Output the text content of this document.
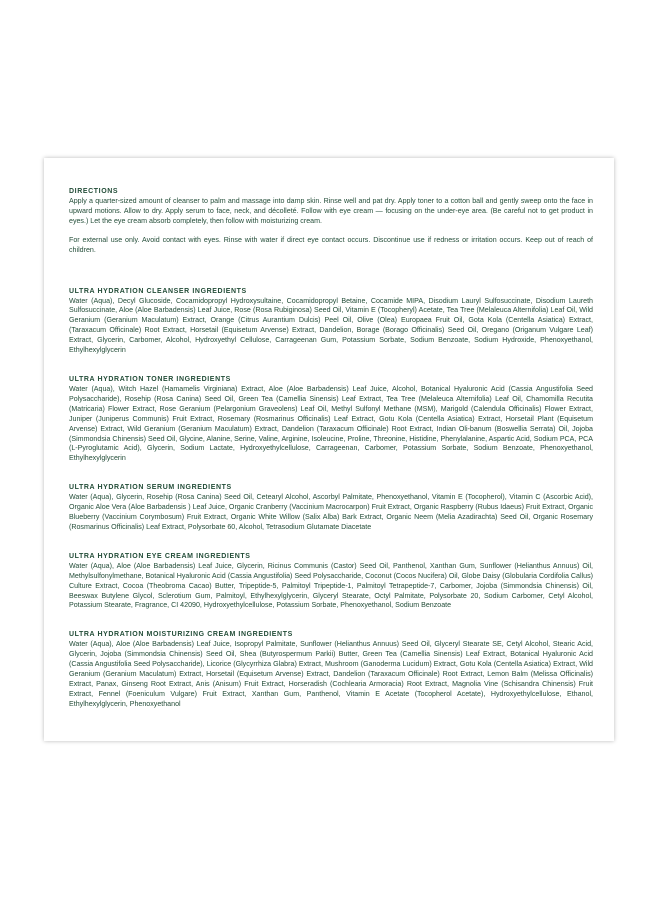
DIRECTIONS

Apply a quarter-sized amount of cleanser to palm and massage into damp skin. Rinse well and pat dry. Apply toner to a cotton ball and gently sweep onto the face in upward motions. Allow to dry. Apply serum to face, neck, and décolleté. Follow with eye cream — focusing on the under-eye area. (Be careful not to get product in eyes.) Let the eye cream absorb completely, then follow with moisturizing cream.

For external use only. Avoid contact with eyes. Rinse with water if direct eye contact occurs. Discontinue use if redness or irritation occurs. Keep out of reach of children.

ULTRA HYDRATION CLEANSER INGREDIENTS

Water (Aqua), Decyl Glucoside, Cocamidopropyl Hydroxysultaine, Cocamidopropyl Betaine, Cocamide MIPA, Disodium Lauryl Sulfosuccinate, Disodium Laureth Sulfosuccinate, Aloe (Aloe Barbadensis) Leaf Juice, Rose (Rosa Rubiginosa) Seed Oil, Vitamin E (Tocopheryl) Acetate, Tea Tree (Melaleuca Alternifolia) Leaf Oil, Wild Geranium (Geranium Maculatum) Extract, Orange (Citrus Aurantium Dulcis) Peel Oil, Olive (Olea) Europaea Fruit Oil, Gota Kola (Centella Asiatica) Extract, (Taraxacum Officinale) Root Extract, Horsetail (Equisetum Arvense) Extract, Dandelion, Borage (Borago Officinalis) Seed Oil, Oregano (Origanum Vulgare Leaf) Extract, Glycerin, Carbomer, Alcohol, Hydroxyethyl Cellulose, Carrageenan Gum, Potassium Sorbate, Sodium Benzoate, Sodium Hydroxide, Phenoxyethanol, Ethylhexylglycerin

ULTRA HYDRATION TONER INGREDIENTS

Water (Aqua), Witch Hazel (Hamamelis Virginiana) Extract, Aloe (Aloe Barbadensis) Leaf Juice, Alcohol, Botanical Hyaluronic Acid (Cassia Angustifolia Seed Polysaccharide), Rosehip (Rosa Canina) Seed Oil, Green Tea (Camellia Sinensis) Leaf Extract, Tea Tree (Melaleuca Alternifolia) Leaf Oil, Chamomilla Recutita (Matricaria) Flower Extract, Rose Geranium (Pelargonium Graveolens) Leaf Oil, Methyl Sulfonyl Methane (MSM), Marigold (Calendula Officinalis) Flower Extract, Juniper (Juniperus Communis) Fruit Extract, Rosemary (Rosmarinus Officinalis) Leaf Extract, Gotu Kola (Centella Asiatica) Extract, Horsetail Plant (Equisetum Arvense) Extract, Wild Geranium (Geranium Maculatum) Extract, Dandelion (Taraxacum Officinale) Root Extract, Indian Oli-banum (Boswellia Serrata) Oil, Jojoba (Simmondsia Chinensis) Seed Oil, Glycine, Alanine, Serine, Valine, Arginine, Isoleucine, Proline, Threonine, Histidine, Phenylalanine, Aspartic Acid, Sodium PCA, PCA (L-Pyroglutamic Acid), Glycerin, Sodium Lactate, Hydroxyethylcellulose, Carrageenan, Carbomer, Potassium Sorbate, Sodium Benzoate, Phenoxyethanol, Ethylhexylglycerin

ULTRA HYDRATION SERUM INGREDIENTS

Water (Aqua), Glycerin, Rosehip (Rosa Canina) Seed Oil, Cetearyl Alcohol, Ascorbyl Palmitate, Phenoxyethanol, Vitamin E (Tocopherol), Vitamin C (Ascorbic Acid), Organic Aloe Vera (Aloe Barbadensis ) Leaf Juice, Organic Cranberry (Vaccinium Macrocarpon) Fruit Extract, Organic Raspberry (Rubus Idaeus) Fruit Extract, Organic Blueberry (Vaccinium Corymbosum) Fruit Extract, Organic White Willow (Salix Alba) Bark Extract, Organic Neem (Melia Azadirachta) Seed Oil, Organic Rosemary (Rosmarinus Officinalis) Leaf Extract, Polysorbate 60, Alcohol, Tetrasodium Glutamate Diacetate

ULTRA HYDRATION EYE CREAM INGREDIENTS

Water (Aqua), Aloe (Aloe Barbadensis) Leaf Juice, Glycerin, Ricinus Communis (Castor) Seed Oil, Panthenol, Xanthan Gum, Sunflower (Helianthus Annuus) Oil, Methylsulfonylmethane, Botanical Hyaluronic Acid (Cassia Angustifolia) Seed Polysaccharide, Coconut (Cocos Nucifera) Oil, Globe Daisy (Globularia Cordifolia Callus) Culture Extract, Cocoa (Theobroma Cacao) Butter, Tripeptide-5, Palmitoyl Tripeptide-1, Palmitoyl Tetrapeptide-7, Carbomer, Jojoba (Simmondsia Chinensis) Oil, Beeswax Butylene Glycol, Sclerotium Gum, Palmitoyl, Ethylhexylglycerin, Glyceryl Stearate, Octyl Palmitate, Polysorbate 20, Sodium Carbomer, Cetyl Alcohol, Potassium Stearate, Fragrance, CI 42090, Hydroxyethylcellulose, Potassium Sorbate, Phenoxyethanol, Sodium Benzoate

ULTRA HYDRATION MOISTURIZING CREAM INGREDIENTS

Water (Aqua), Aloe (Aloe Barbadensis) Leaf Juice, Isopropyl Palmitate, Sunflower (Helianthus Annuus) Seed Oil, Glyceryl Stearate SE, Cetyl Alcohol, Stearic Acid, Glycerin, Jojoba (Simmondsia Chinensis) Seed Oil, Shea (Butyrospermum Parkii) Butter, Green Tea (Camellia Sinensis) Leaf Extract, Botanical Hyaluronic Acid (Cassia Angustifolia Seed Polysaccharide), Licorice (Glycyrrhiza Glabra) Extract, Mushroom (Ganoderma Lucidum) Extract, Gotu Kola (Centella Asiatica) Extract, Wild Geranium (Geranium Maculatum) Extract, Horsetail (Equisetum Arvense) Extract, Dandelion (Taraxacum Officinale) Root Extract, Lemon Balm (Melissa Officinalis) Extract, Panax, Ginseng Root Extract, Anis (Anisum) Fruit Extract, Horseradish (Cochlearia Armoracia) Root Extract, Magnolia Vine (Schisandra Chinensis) Fruit Extract, Fennel (Foeniculum Vulgare) Fruit Extract, Xanthan Gum, Panthenol, Vitamin E Acetate (Tocopherol Acetate), Hydroxyethylcellulose, Ethanol, Ethylhexylglycerin, Phenoxyethanol
